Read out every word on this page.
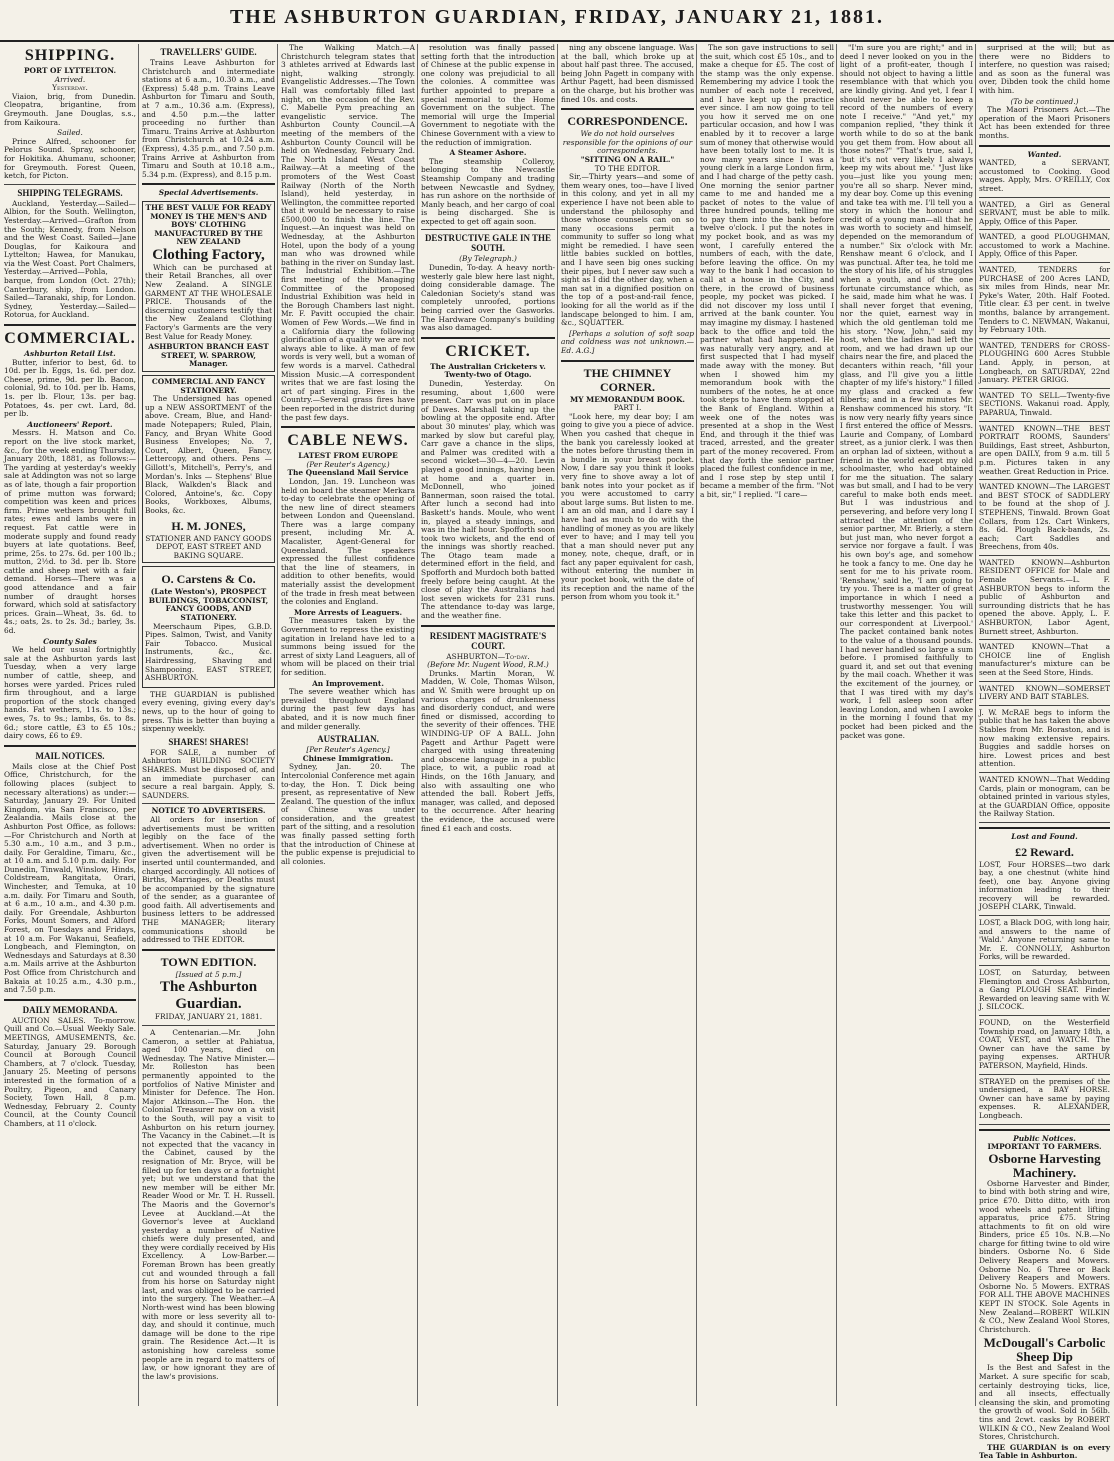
THE ASHBURTON GUARDIAN, FRIDAY, JANUARY 21, 1881.
SHIPPING.
PORT OF LYTTELTON.
Arrived.
Yesterday.

Viaion, brig, from Dunedin. Cleopatra, brigantine, from Greymouth. Jane Douglas, s.s., from Kaikoura.

Sailed.

Prince Alfred, schooner for Pelorus Sound. Spray, schooner, for Hokitika. Ahumanu, schooner, for Greymouth. Forest Queen, ketch, for Picton.

SHIPPING TELEGRAMS.

Auckland, Yesterday.—Sailed—Albion, for the South. Wellington, Yesterday.—Arrived—Grafton from the South; Kennedy, from Nelson and the West Coast. Sailed—Jane Douglas, for Kaikoura and Lyttelton; Hawea, for Manukau, via the West Coast. Port Chalmers, Yesterday.—Arrived—Pohla, barque, from London (Oct. 27th); Canterbury, ship, from London. Sailed—Taranaki, ship, for London. Sydney, Yesterday.—Sailed—Rotorua, for Auckland.

COMMERCIAL.
Ashburton Retail List.

Butter, inferior to best, 6d. to 10d. per lb. Eggs, 1s. 6d. per doz. Cheese, prime, 9d. per lb. Bacon, colonial, 9d. to 10d. per lb. Hams, 1s. per lb. Flour, 13s. per bag. Potatoes, 4s. per cwt. Lard, 8d. per lb.

Auctioneers' Report.

Messrs. H. Matson and Co. report on the live stock market, &c., for the week ending Thursday, January 20th, 1881, as follows:—The yarding at yesterday's weekly sale at Addington was not so large as of late, though a fair proportion of prime mutton was forward; competition was keen and prices firm. Prime wethers brought full rates; ewes and lambs were in request. Fat cattle were in moderate supply and found ready buyers at late quotations. Beef, prime, 25s. to 27s. 6d. per 100 lb.; mutton, 2½d. to 3d. per lb. Store cattle and sheep met with a fair demand. Horses—There was a good attendance and a fair number of draught horses forward, which sold at satisfactory prices. Grain—Wheat, 3s. 6d. to 4s.; oats, 2s. to 2s. 3d.; barley, 3s. 6d.

County Sales

We held our usual fortnightly sale at the Ashburton yards last Tuesday, when a very large number of cattle, sheep, and horses were yarded. Prices ruled firm throughout, and a large proportion of the stock changed hands. Fat wethers, 11s. to 13s.; ewes, 7s. to 9s.; lambs, 6s. to 8s. 6d.; store cattle, £3 to £5 10s.; dairy cows, £6 to £9.

MAIL NOTICES.

Mails close at the Chief Post Office, Christchurch, for the following places (subject to necessary alterations) as under:—Saturday, January 29. For United Kingdom, via San Francisco, per Zealandia. Mails close at the Ashburton Post Office, as follows:—For Christchurch and North at 5.30 a.m., 10 a.m., and 3 p.m., daily. For Geraldine, Timaru, &c., at 10 a.m. and 5.10 p.m. daily. For Dunedin, Tinwald, Winslow, Hinds, Coldstream, Rangitata, Orari, Winchester, and Temuka, at 10 a.m. daily. For Timaru and South, at 6 a.m., 10 a.m., and 4.30 p.m. daily. For Greendale, Ashburton Forks, Mount Somers, and Alford Forest, on Tuesdays and Fridays, at 10 a.m. For Wakanui, Seafield, Longbeach, and Flemington, on Wednesdays and Saturdays at 8.30 a.m. Mails arrive at the Ashburton Post Office from Christchurch and Bakaia at 10.25 a.m., 4.30 p.m., and 7.50 p.m.

DAILY MEMORANDA.

AUCTION SALES. To-morrow. Quill and Co.—Usual Weekly Sale. MEETINGS, AMUSEMENTS, &c. Saturday, January 29. Borough Council at Borough Council Chambers, at 7 o'clock. Tuesday, January 25. Meeting of persons interested in the formation of a Poultry, Pigeon, and Canary Society, Town Hall, 8 p.m. Wednesday, February 2. County Council, at the County Council Chambers, at 11 o'clock.

TRAVELLERS' GUIDE.

Trains Leave Ashburton for Christchurch and intermediate stations at 6 a.m., 10.30 a.m., and (Express) 5.48 p.m. Trains Leave Ashburton for Timaru and South, at 7 a.m., 10.36 a.m. (Express), and 4.50 p.m.—the latter proceeding no further than Timaru. Trains Arrive at Ashburton from Christchurch at 10.24 a.m. (Express), 4.35 p.m., and 7.50 p.m. Trains Arrive at Ashburton from Timaru and South at 10.18 a.m., 5.34 p.m. (Express), and 8.15 p.m.

Special Advertisements.
THE BEST VALUE FOR READY MONEY IS THE MEN'S AND BOYS' CLOTHING MANUFACTURED BY THE NEW ZEALAND
Clothing Factory,

Which can be purchased at their Retail Branches, all over New Zealand. A SINGLE GARMENT AT THE WHOLESALE PRICE. Thousands of the discerning customers testify that the New Zealand Clothing Factory's Garments are the very Best Value for Ready Money.

ASHBURTON BRANCH EAST STREET, W. SPARROW, Manager.
COMMERCIAL AND FANCY STATIONERY.

The Undersigned has opened up a NEW ASSORTMENT of the above. Cream, Blue, and Hand-made Notepapers; Ruled, Plain, Fancy, and Bryan White Good Business Envelopes; No. 7, Court, Albert, Queen, Fancy, Lettercopy, and others. Pens — Gillott's, Mitchell's, Perry's, and Mordan's. Inks — Stephens' Blue Black, Walkden's Black and Colored, Antoine's, &c. Copy Books, Workboxes, Albums, Books, &c.

H. M. JONES,
STATIONER AND FANCY GOODS DEPOT, EAST STREET AND BAKING SQUARE.
O. Carstens & Co.
(Late Weston's), PROSPECT BUILDINGS, TOBACCONIST, FANCY GOODS, AND STATIONERY.

Meerschaum Pipes, G.B.D. Pipes. Salmon, Twist, and Vanity Fair Tobacco. Musical Instruments, &c., &c. Hairdressing, Shaving and Shampooing. EAST STREET, ASHBURTON.

THE GUARDIAN is published every evening, giving every day's news, up to the hour of going to press. This is better than buying a sixpenny weekly.

SHARES! SHARES!

FOR SALE, a number of Ashburton BUILDING SOCIETY SHARES. Must be disposed of, and an immediate purchaser can secure a real bargain. Apply, S. SAUNDERS.

NOTICE TO ADVERTISERS.

All orders for insertion of advertisements must be written legibly on the face of the advertisement. When no order is given the advertisement will be inserted until countermanded, and charged accordingly. All notices of Births, Marriages, or Deaths must be accompanied by the signature of the sender, as a guarantee of good faith. All advertisements and business letters to be addressed THE MANAGER; literary communications should be addressed to THE EDITOR.

TOWN EDITION.
[Issued at 5 p.m.]
The Ashburton Guardian.
FRIDAY, JANUARY 21, 1881.

A Centenarian.—Mr. John Cameron, a settler at Pahiatua, aged 100 years, died on Wednesday. The Native Minister.—Mr. Rolleston has been permanently appointed to the portfolios of Native Minister and Minister for Defence. The Hon. Major Atkinson.—The Hon. the Colonial Treasurer now on a visit to the South, will pay a visit to Ashburton on his return journey. The Vacancy in the Cabinet.—It is not expected that the vacancy in the Cabinet, caused by the resignation of Mr. Bryce, will be filled up for ten days or a fortnight yet; but we understand that the new member will be either Mr. Reader Wood or Mr. T. H. Russell. The Maoris and the Governor's Levee at Auckland.—At the Governor's levee at Auckland yesterday a number of Native chiefs were duly presented, and they were cordially received by His Excellency. A Low-Barber.—Foreman Brown has been greatly cut and wounded through a fall from his horse on Saturday night last, and was obliged to be carried into the surgery. The Weather.—A North-west wind has been blowing with more or less severity all to-day, and should it continue, much damage will be done to the ripe grain. The Residence Act.—It is astonishing how careless some people are in regard to matters of law, or how ignorant they are of the law's provisions.

The Walking Match.—A Christchurch telegram states that 3 athletes arrived at Edwards last night, walking strongly. Evangelistic Addresses.—The Town Hall was comfortably filled last night, on the occasion of the Rev. C. Mabelle Pym preaching an evangelistic service. The Ashburton County Council.—A meeting of the members of the Ashburton County Council will be held on Wednesday, February 2nd. The North Island West Coast Railway.—At a meeting of the promoters of the West Coast Railway (North of the North Island), held yesterday, in Wellington, the committee reported that it would be necessary to raise £500,000 to finish the line. The Inquest.—An inquest was held on Wednesday, at the Ashburton Hotel, upon the body of a young man who was drowned while bathing in the river on Sunday last. The Industrial Exhibition.—The first meeting of the Managing Committee of the proposed Industrial Exhibition was held in the Borough Chambers last night. Mr. F. Pavitt occupied the chair. Women of Few Words.—We find in a California diary the following glorification of a quality we are not always able to like. A man of few words is very well, but a woman of few words is a marvel. Cathedral Mission Music.—A correspondent writes that we are fast losing the art of part singing. Fires in the Country.—Several grass fires have been reported in the district during the past few days.

CABLE NEWS.
LATEST FROM EUROPE
(Per Reuter's Agency.)
The Queensland Mail Service

London, Jan. 19. Luncheon was held on board the steamer Merkara to-day to celebrate the opening of the new line of direct steamers between London and Queensland. There was a large company present, including Mr. A. Macalister, Agent-General for Queensland. The speakers expressed the fullest confidence that the line of steamers, in addition to other benefits, would materially assist the development of the trade in fresh meat between the colonies and England.

More Arrests of Leaguers.

The measures taken by the Government to repress the existing agitation in Ireland have led to a summons being issued for the arrest of sixty Land Leaguers, all of whom will be placed on their trial for sedition.

An Improvement.

The severe weather which has prevailed throughout England during the past few days has abated, and it is now much finer and milder generally.

AUSTRALIAN.
[Per Reuter's Agency.]
Chinese Immigration.

Sydney, Jan. 20. The Intercolonial Conference met again to-day, the Hon. T. Dick being present, as representative of New Zealand. The question of the influx of Chinese was under consideration, and the greatest part of the sitting, and a resolution was finally passed setting forth that the introduction of Chinese at the public expense is prejudicial to all colonies.

resolution was finally passed setting forth that the introduction of Chinese at the public expense in one colony was prejudicial to all the colonies. A committee was further appointed to prepare a special memorial to the Home Government on the subject. The memorial will urge the Imperial Government to negotiate with the Chinese Government with a view to the reduction of immigration.

A Steamer Ashore.

The steamship Colleroy, belonging to the Newcastle Steamship Company and trading between Newcastle and Sydney, has run ashore on the northside of Manly beach, and her cargo of coal is being discharged. She is expected to get off again soon.

DESTRUCTIVE GALE IN THE SOUTH.
(By Telegraph.)

Dunedin, To-day. A heavy north-westerly gale blew here last night, doing considerable damage. The Caledonian Society's stand was completely unroofed, portions being carried over the Gasworks. The Hardware Company's building was also damaged.

CRICKET.
The Australian Cricketers v. Twenty-two of Otago.

Dunedin, Yesterday. On resuming, about 1,600 were present. Carr was put on in place of Dawes. Marshall taking up the bowling at the opposite end. After about 30 minutes' play, which was marked by slow but careful play, Carr gave a chance in the slips, and Palmer was credited with a second wicket—30—4—20. Levin played a good innings, having been at home and a quarter in. McDonnell, who joined Bannerman, soon raised the total. After lunch a second had into Baskett's hands. Moule, who went in, played a steady innings, and was in the half hour. Spofforth soon took two wickets, and the end of the innings was shortly reached. The Otago team made a determined effort in the field, and Spofforth and Murdoch both batted freely before being caught. At the close of play the Australians had lost seven wickets for 231 runs. The attendance to-day was large, and the weather fine.

RESIDENT MAGISTRATE'S COURT.
ASHBURTON—To-day.
(Before Mr. Nugent Wood, R.M.)

Drunks. Martin Moran, W. Madden, W. Cole, Thomas Wilson, and W. Smith were brought up on various charges of drunkenness and disorderly conduct, and were fined or dismissed, according to the severity of their offences. THE WINDING-UP OF A BALL. John Pagett and Arthur Pagett were charged with using threatening and obscene language in a public place, to wit, a public road at Hinds, on the 16th January, and also with assaulting one who attended the ball. Robert Jeffs, manager, was called, and deposed to the occurrence. After hearing the evidence, the accused were fined £1 each and costs.

ning any obscene language. Was at the ball, which broke up at about half past three. The accused, being John Pagett in company with Arthur Pagett, had been dismissed on the charge, but his brother was fined 10s. and costs.

CORRESPONDENCE.
We do not hold ourselves responsible for the opinions of our correspondents.
"SITTING ON A RAIL."
TO THE EDITOR.

Sir,—Thirty years—and some of them weary ones, too—have I lived in this colony, and yet in all my experience I have not been able to understand the philosophy and those whose counsels can on so many occasions permit a community to suffer so long what might be remedied. I have seen little babies suckled on bottles, and I have seen big ones sucking their pipes, but I never saw such a sight as I did the other day, when a man sat in a dignified position on the top of a post-and-rail fence, looking for all the world as if the landscape belonged to him. I am, &c., SQUATTER.

[Perhaps a solution of soft soap and coldness was not unknown.—Ed. A.G.]

THE CHIMNEY CORNER.
MY MEMORANDUM BOOK.
PART I.

"Look here, my dear boy; I am going to give you a piece of advice. When you cashed that cheque in the bank you carelessly looked at the notes before thrusting them in a bundle in your breast pocket. Now, I dare say you think it looks very fine to shove away a lot of bank notes into your pocket as if you were accustomed to carry about large sums. But listen to me. I am an old man, and I dare say I have had as much to do with the handling of money as you are likely ever to have; and I may tell you that a man should never put any money, note, cheque, draft, or in fact any paper equivalent for cash, without entering the number in your pocket book, with the date of its reception and the name of the person from whom you took it."

The son gave instructions to sell the suit, which cost £5 10s., and to make a cheque for £5. The cost of the stamp was the only expense. Remembering my advice I took the number of each note I received, and I have kept up the practice ever since. I am now going to tell you how it served me on one particular occasion, and how I was enabled by it to recover a large sum of money that otherwise would have been totally lost to me. It is now many years since I was a young clerk in a large London firm, and I had charge of the petty cash. One morning the senior partner came to me and handed me a packet of notes to the value of three hundred pounds, telling me to pay them into the bank before twelve o'clock. I put the notes in my pocket book, and as was my wont, I carefully entered the numbers of each, with the date, before leaving the office. On my way to the bank I had occasion to call at a house in the City, and there, in the crowd of business people, my pocket was picked. I did not discover my loss until I arrived at the bank counter. You may imagine my dismay. I hastened back to the office and told the partner what had happened. He was naturally very angry, and at first suspected that I had myself made away with the money. But when I showed him my memorandum book with the numbers of the notes, he at once took steps to have them stopped at the Bank of England. Within a week one of the notes was presented at a shop in the West End, and through it the thief was traced, arrested, and the greater part of the money recovered. From that day forth the senior partner placed the fullest confidence in me, and I rose step by step until I became a member of the firm. "Not a bit, sir," I replied. "I care—

"I'm sure you are right;" and in deed I never looked on you in the light of a profit-eater, though I should not object to having a little resemblance with that which you are kindly giving. And yet, I fear I should never be able to keep a record of the numbers of every note I receive." "And yet," my companion replied, "they think it worth while to do so at the bank you get them from. How about all those notes?" "That's true, said I, 'but it's not very likely I always keep my wits about me.' "Just like you—just like you young men; you're all so sharp. Never mind, my dear boy. Come up this evening and take tea with me. I'll tell you a story in which the honour and credit of a young man—all that he was worth to society and himself, depended on the memorandum of a number." Six o'clock with Mr. Renshaw meant 6 o'clock, and I was punctual. After tea, he told me the story of his life, of his struggles when a youth, and of the one fortunate circumstance which, as he said, made him what he was. I shall never forget that evening, nor the quiet, earnest way in which the old gentleman told me his story. "Now, John," said my host, when the ladies had left the room, and we had drawn up our chairs near the fire, and placed the decanters within reach, "fill your glass, and I'll give you a little chapter of my life's history." I filled my glass and cracked a few filberts; and in a few minutes Mr. Renshaw commenced his story. "It is now very nearly fifty years since I first entered the office of Messrs. Laurie and Company, of Lombard street, as a junior clerk. I was then an orphan lad of sixteen, without a friend in the world except my old schoolmaster, who had obtained for me the situation. The salary was but small, and I had to be very careful to make both ends meet. But I was industrious and persevering, and before very long I attracted the attention of the senior partner, Mr. Brierly, a stern but just man, who never forgot a service nor forgave a fault. I was his own boy's age, and somehow he took a fancy to me. One day he sent for me to his private room. 'Renshaw,' said he, 'I am going to try you. There is a matter of great importance in which I need a trustworthy messenger. You will take this letter and this packet to our correspondent at Liverpool.' The packet contained bank notes to the value of a thousand pounds. I had never handled so large a sum before. I promised faithfully to guard it, and set out that evening by the mail coach. Whether it was the excitement of the journey, or that I was tired with my day's work, I fell asleep soon after leaving London, and when I awoke in the morning I found that my pocket had been picked and the packet was gone.

surprised at the will; but as there were no Bidders to interfere, no question was raised; and as soon as the funeral was over, Dibden took the child home with him.

(To be continued.)

The Maori Prisoners Act.—The operation of the Maori Prisoners Act has been extended for three months.

Wanted.

WANTED, a SERVANT, accustomed to Cooking. Good wages. Apply, Mrs. O'REILLY, Cox street.

WANTED, a Girl as General SERVANT, must be able to milk. Apply, Office of this Paper.

WANTED, a good PLOUGHMAN, accustomed to work a Machine. Apply, Office of this Paper.

WANTED, TENDERS for PURCHASE of 200 Acres LAND, six miles from Hinds, near Mr. Pyke's Water, 20th. Half Footed. Title clear. £3 per cent. in twelve months, balance by arrangement. Tenders to C. NEWMAN, Wakanui, by February 10th.

WANTED, TENDERS for CROSS-PLOUGHING 600 Acres Stubble Land. Apply, in person, at Longbeach, on SATURDAY, 22nd January. PETER GRIGG.

WANTED TO SELL—Twenty-five SECTIONS. Wakanui road. Apply, PAPARUA, Tinwald.

WANTED KNOWN—THE BEST PORTRAIT ROOMS, Saunders' Buildings, East street, Ashburton, are open DAILY, from 9 a.m. till 5 p.m. Pictures taken in any weather. Great Reduction in Price.

WANTED KNOWN—The LARGEST and BEST STOCK of SADDLERY to be found at the shop of J. STEPHENS, Tinwald. Brown Goat Collars, from 12s. Cart Winkers, 8s. 6d. Plough Back-bands, 2s. each; Cart Saddles and Breechens, from 40s.

WANTED KNOWN—Ashburton RESIDENT OFFICE for Male and Female Servants.—L. F. ASHBURTON begs to inform the public of Ashburton and surrounding districts that he has opened the above. Apply, L. F. ASHBURTON, Labor Agent, Burnett street, Ashburton.

WANTED KNOWN—That a CHOICE line of English manufacturer's mixture can be seen at the Seed Store, Hinds.

WANTED KNOWN—SOMERSET LIVERY AND BAIT STABLES.

J. W. McRAE begs to inform the public that he has taken the above Stables from Mr. Boraston, and is now making extensive repairs. Buggies and saddle horses on hire. Lowest prices and best attention.

WANTED KNOWN—That Wedding Cards, plain or monogram, can be obtained printed in various styles, at the GUARDIAN Office, opposite the Railway Station.

Lost and Found.
£2 Reward.

LOST, Four HORSES—two dark bay, a one chestnut (white hind feet), one bay. Anyone giving information leading to their recovery will be rewarded. JOSEPH CLARK, Tinwald.

LOST, a Black DOG, with long hair, and answers to the name of 'Wald.' Anyone returning same to Mr. E. CONNOLLY, Ashburton Forks, will be rewarded.

LOST, on Saturday, between Flemington and Cross Ashburton, a Gang PLOUGH SEAT. Finder Rewarded on leaving same with W. J. SILCOCK.

FOUND, on the Westerfield Township road, on January 18th, a COAT, VEST, and WATCH. The Owner can have the same by paying expenses. ARTHUR PATERSON, Mayfield, Hinds.

STRAYED on the premises of the undersigned, a BAY HORSE. Owner can have same by paying expenses. R. ALEXANDER, Longbeach.

Public Notices.
IMPORTANT TO FARMERS.
Osborne Harvesting Machinery.

Osborne Harvester and Binder, to bind with both string and wire, price £70. Ditto ditto, with iron wood wheels and patent lifting apparatus, price £75. String attachments to fit on old wire Binders, price £5 10s. N.B.—No charge for fitting twine to old wire binders. Osborne No. 6 Side Delivery Reapers and Mowers. Osborne No. 6 Three or Back Delivery Reapers and Mowers. Osborne No. 5 Mowers. EXTRAS FOR ALL THE ABOVE MACHINES KEPT IN STOCK. Sole Agents in New Zealand—ROBERT WILKIN & CO., New Zealand Wool Stores, Christchurch.

McDougall's Carbolic Sheep Dip

Is the Best and Safest in the Market. A sure specific for scab, certainly destroying ticks, lice, and all insects, effectually cleansing the skin, and promoting the growth of wool. Sold in 56lb. tins and 2cwt. casks by ROBERT WILKIN & CO., New Zealand Wool Stores, Christchurch.

THE GUARDIAN is on every Tea Table in Ashburton.
